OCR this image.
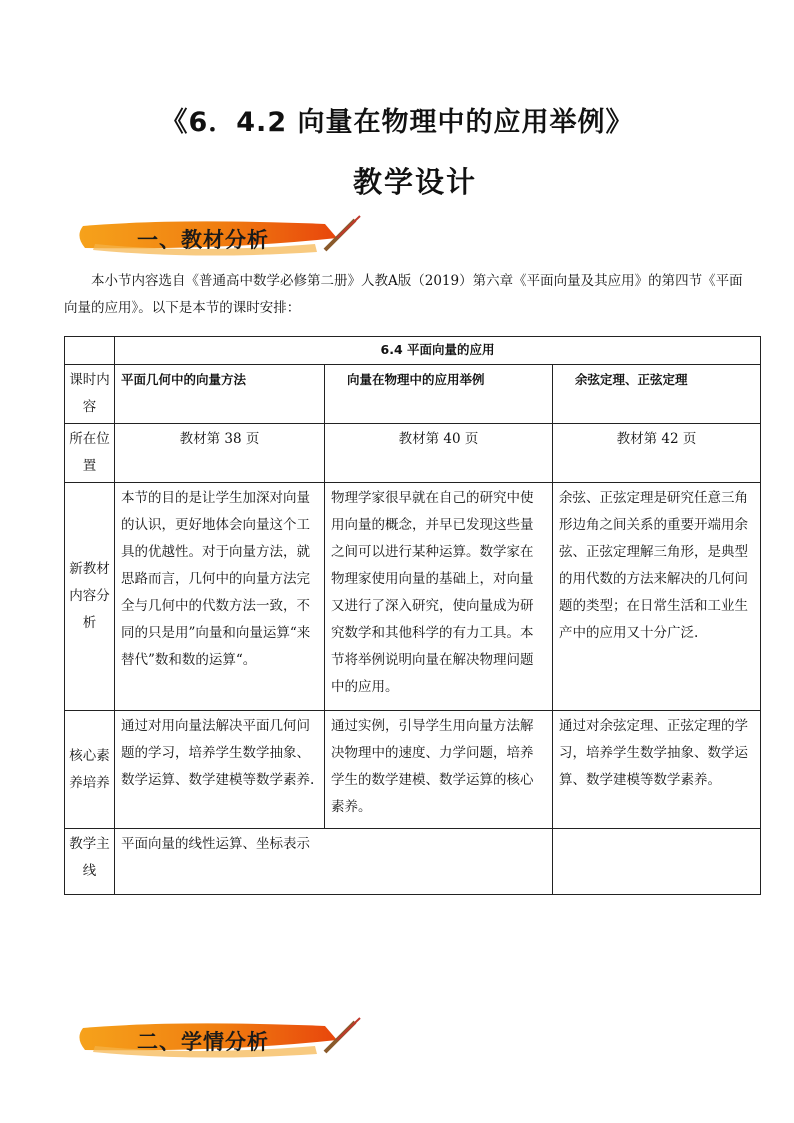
《6．4.2 向量在物理中的应用举例》
教学设计
一、教材分析
本小节内容选自《普通高中数学必修第二册》人教A版（2019）第六章《平面向量及其应用》的第四节《平面向量的应用》。以下是本节的课时安排：
	6.4 平面向量的应用		
课时内容	平面几何中的向量方法	向量在物理中的应用举例	余弦定理、正弦定理
所在位置	教材第 38 页	教材第 40 页	教材第 42 页
新教材内容分析	本节的目的是让学生加深对向量的认识，更好地体会向量这个工具的优越性。对于向量方法，就思路而言，几何中的向量方法完全与几何中的代数方法一致，不同的只是用”向量和向量运算“来替代”数和数的运算“。	物理学家很早就在自己的研究中使用向量的概念，并早已发现这些量之间可以进行某种运算。数学家在物理家使用向量的基础上，对向量又进行了深入研究，使向量成为研究数学和其他科学的有力工具。本节将举例说明向量在解决物理问题中的应用。	余弦、正弦定理是研究任意三角形边角之间关系的重要开端用余弦、正弦定理解三角形，是典型的用代数的方法来解决的几何问题的类型；在日常生活和工业生产中的应用又十分广泛.
核心素养培养	通过对用向量法解决平面几何问题的学习，培养学生数学抽象、数学运算、数学建模等数学素养.	通过实例，引导学生用向量方法解决物理中的速度、力学问题，培养学生的数学建模、数学运算的核心素养。	通过对余弦定理、正弦定理的学习，培养学生数学抽象、数学运算、数学建模等数学素养。
教学主线	平面向量的线性运算、坐标表示		
二、学情分析
